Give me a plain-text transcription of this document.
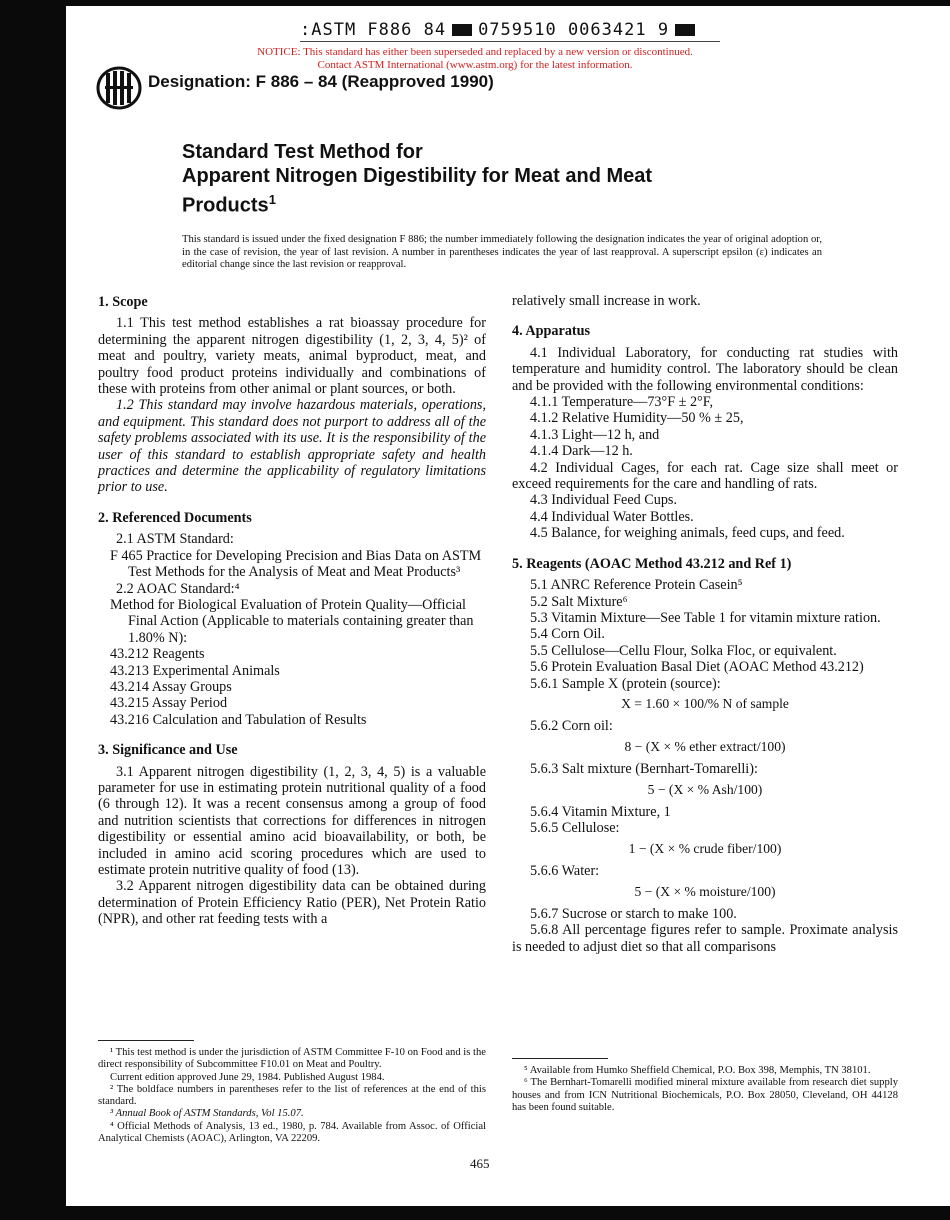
:ASTM F886 84 0759510 0063421 9
NOTICE: This standard has either been superseded and replaced by a new version or discontinued.
Contact ASTM International (www.astm.org) for the latest information.
Designation: F 886 – 84 (Reapproved 1990)
Standard Test Method for
Apparent Nitrogen Digestibility for Meat and Meat
Products$^1$
This standard is issued under the fixed designation F 886; the number immediately following the designation indicates the year of original adoption or, in the case of revision, the year of last revision. A number in parentheses indicates the year of last reapproval. A superscript epsilon (ε) indicates an editorial change since the last revision or reapproval.

1. Scope

1.1 This test method establishes a rat bioassay procedure for determining the apparent nitrogen digestibility (1, 2, 3, 4, 5)² of meat and poultry, variety meats, animal byproduct, meat, and poultry food product proteins individually and combinations of these with proteins from other animal or plant sources, or both.

1.2 This standard may involve hazardous materials, operations, and equipment. This standard does not purport to address all of the safety problems associated with its use. It is the responsibility of the user of this standard to establish appropriate safety and health practices and determine the applicability of regulatory limitations prior to use.

2. Referenced Documents

2.1 ASTM Standard:

F 465 Practice for Developing Precision and Bias Data on ASTM Test Methods for the Analysis of Meat and Meat Products³

2.2 AOAC Standard:⁴

Method for Biological Evaluation of Protein Quality—Official Final Action (Applicable to materials containing greater than 1.80% N):

43.212 Reagents

43.213 Experimental Animals

43.214 Assay Groups

43.215 Assay Period

43.216 Calculation and Tabulation of Results

3. Significance and Use

3.1 Apparent nitrogen digestibility (1, 2, 3, 4, 5) is a valuable parameter for use in estimating protein nutritional quality of a food (6 through 12). It was a recent consensus among a group of food and nutrition scientists that corrections for differences in nitrogen digestibility or essential amino acid bioavailability, or both, be included in amino acid scoring procedures which are used to estimate protein nutritive quality of food (13).

3.2 Apparent nitrogen digestibility data can be obtained during determination of Protein Efficiency Ratio (PER), Net Protein Ratio (NPR), and other rat feeding tests with a

¹ This test method is under the jurisdiction of ASTM Committee F-10 on Food and is the direct responsibility of Subcommittee F10.01 on Meat and Poultry.

Current edition approved June 29, 1984. Published August 1984.

² The boldface numbers in parentheses refer to the list of references at the end of this standard.

³ Annual Book of ASTM Standards, Vol 15.07.

⁴ Official Methods of Analysis, 13 ed., 1980, p. 784. Available from Assoc. of Official Analytical Chemists (AOAC), Arlington, VA 22209.

relatively small increase in work.

4. Apparatus

4.1 Individual Laboratory, for conducting rat studies with temperature and humidity control. The laboratory should be clean and be provided with the following environmental conditions:

4.1.1 Temperature—73°F ± 2°F,

4.1.2 Relative Humidity—50 % ± 25,

4.1.3 Light—12 h, and

4.1.4 Dark—12 h.

4.2 Individual Cages, for each rat. Cage size shall meet or exceed requirements for the care and handling of rats.

4.3 Individual Feed Cups.

4.4 Individual Water Bottles.

4.5 Balance, for weighing animals, feed cups, and feed.

5. Reagents (AOAC Method 43.212 and Ref 1)

5.1 ANRC Reference Protein Casein⁵

5.2 Salt Mixture⁶

5.3 Vitamin Mixture—See Table 1 for vitamin mixture ration.

5.4 Corn Oil.

5.5 Cellulose—Cellu Flour, Solka Floc, or equivalent.

5.6 Protein Evaluation Basal Diet (AOAC Method 43.212)

5.6.1 Sample X (protein (source):

X = 1.60 × 100/% N of sample

5.6.2 Corn oil:

8 − (X × % ether extract/100)

5.6.3 Salt mixture (Bernhart-Tomarelli):

5 − (X × % Ash/100)

5.6.4 Vitamin Mixture, 1

5.6.5 Cellulose:

1 − (X × % crude fiber/100)

5.6.6 Water:

5 − (X × % moisture/100)

5.6.7 Sucrose or starch to make 100.

5.6.8 All percentage figures refer to sample. Proximate analysis is needed to adjust diet so that all comparisons

⁵ Available from Humko Sheffield Chemical, P.O. Box 398, Memphis, TN 38101.

⁶ The Bernhart-Tomarelli modified mineral mixture available from research diet supply houses and from ICN Nutritional Biochemicals, P.O. Box 28050, Cleveland, OH 44128 has been found suitable.

465
